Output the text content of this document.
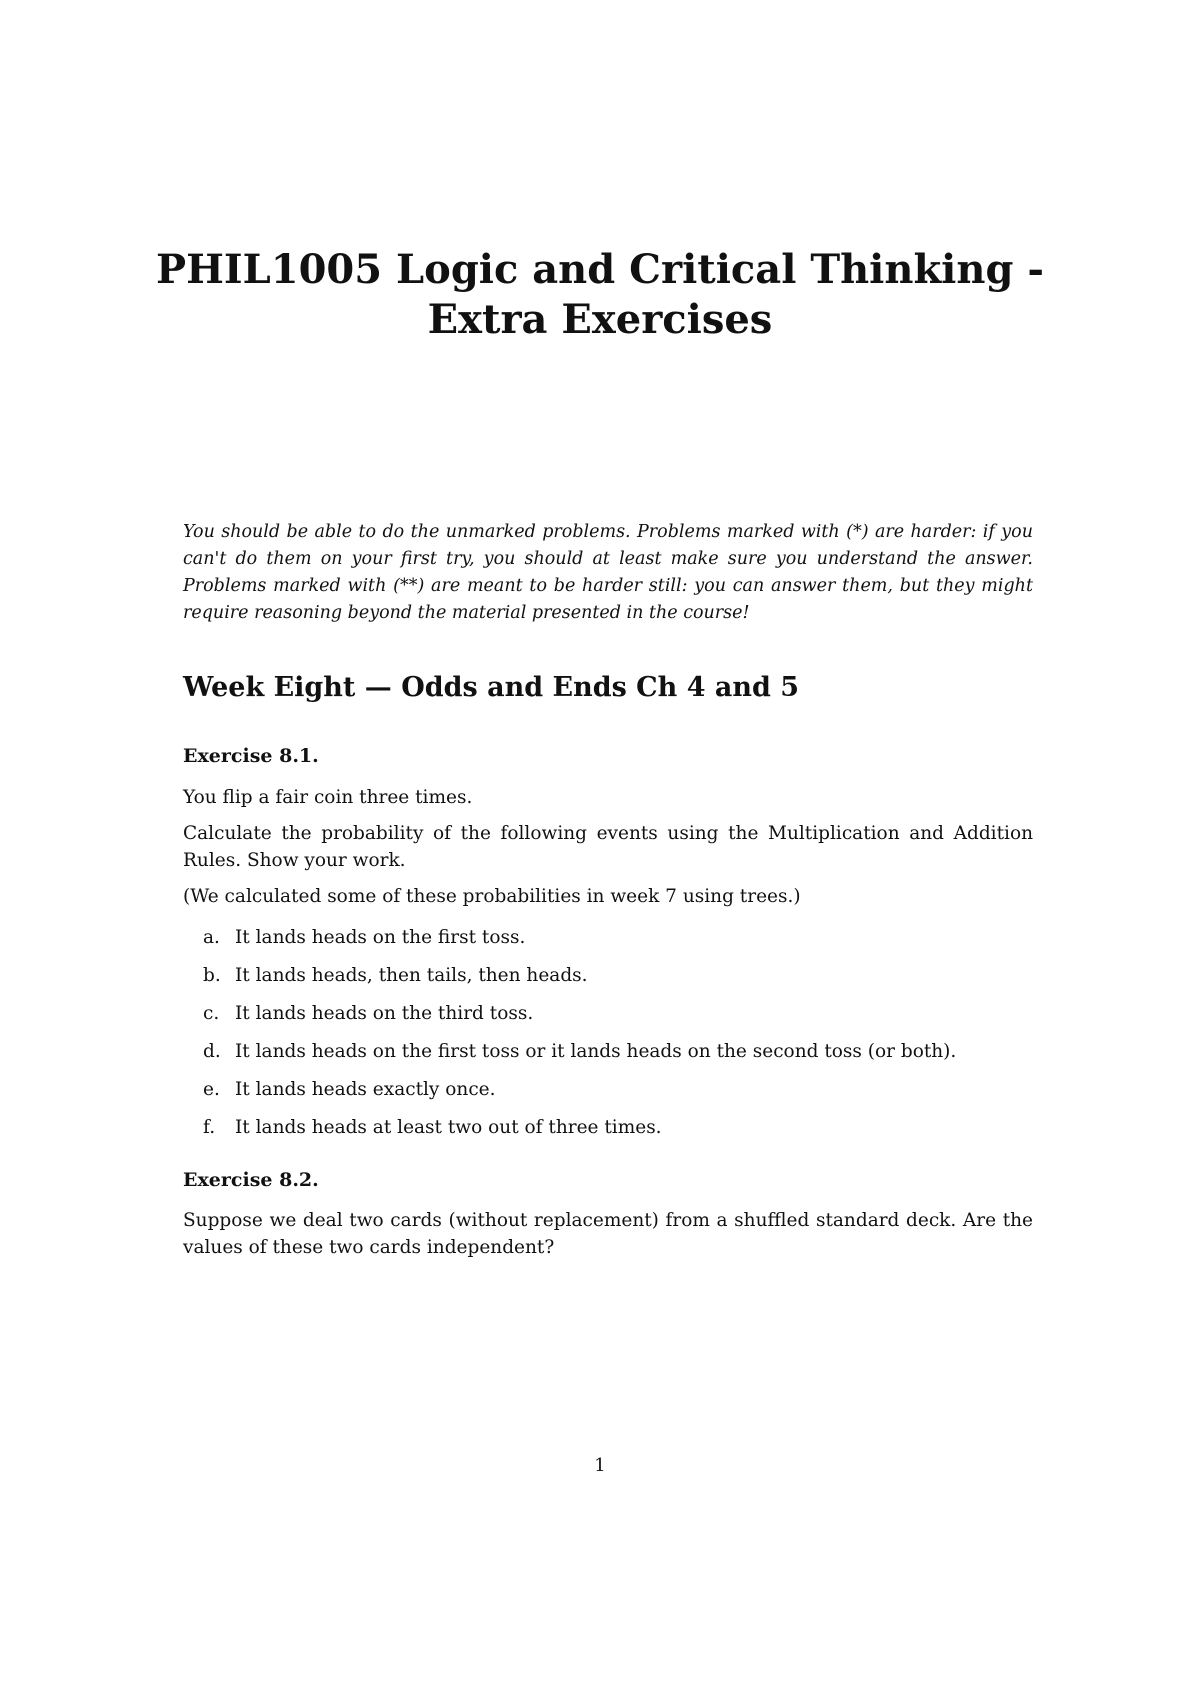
PHIL1005 Logic and Critical Thinking -
Extra Exercises

You should be able to do the unmarked problems. Problems marked with (*) are harder: if you can't do them on your first try, you should at least make sure you understand the answer. Problems marked with (**) are meant to be harder still: you can answer them, but they might require reasoning beyond the material presented in the course!

Week Eight — Odds and Ends Ch 4 and 5
Exercise 8.1.

You flip a fair coin three times.

Calculate the probability of the following events using the Multiplication and Addition Rules. Show your work.

(We calculated some of these probabilities in week 7 using trees.)

a. It lands heads on the first toss.
b. It lands heads, then tails, then heads.
c. It lands heads on the third toss.
d. It lands heads on the first toss or it lands heads on the second toss (or both).
e. It lands heads exactly once.
f. It lands heads at least two out of three times.
Exercise 8.2.

Suppose we deal two cards (without replacement) from a shuffled standard deck. Are the values of these two cards independent?

1
